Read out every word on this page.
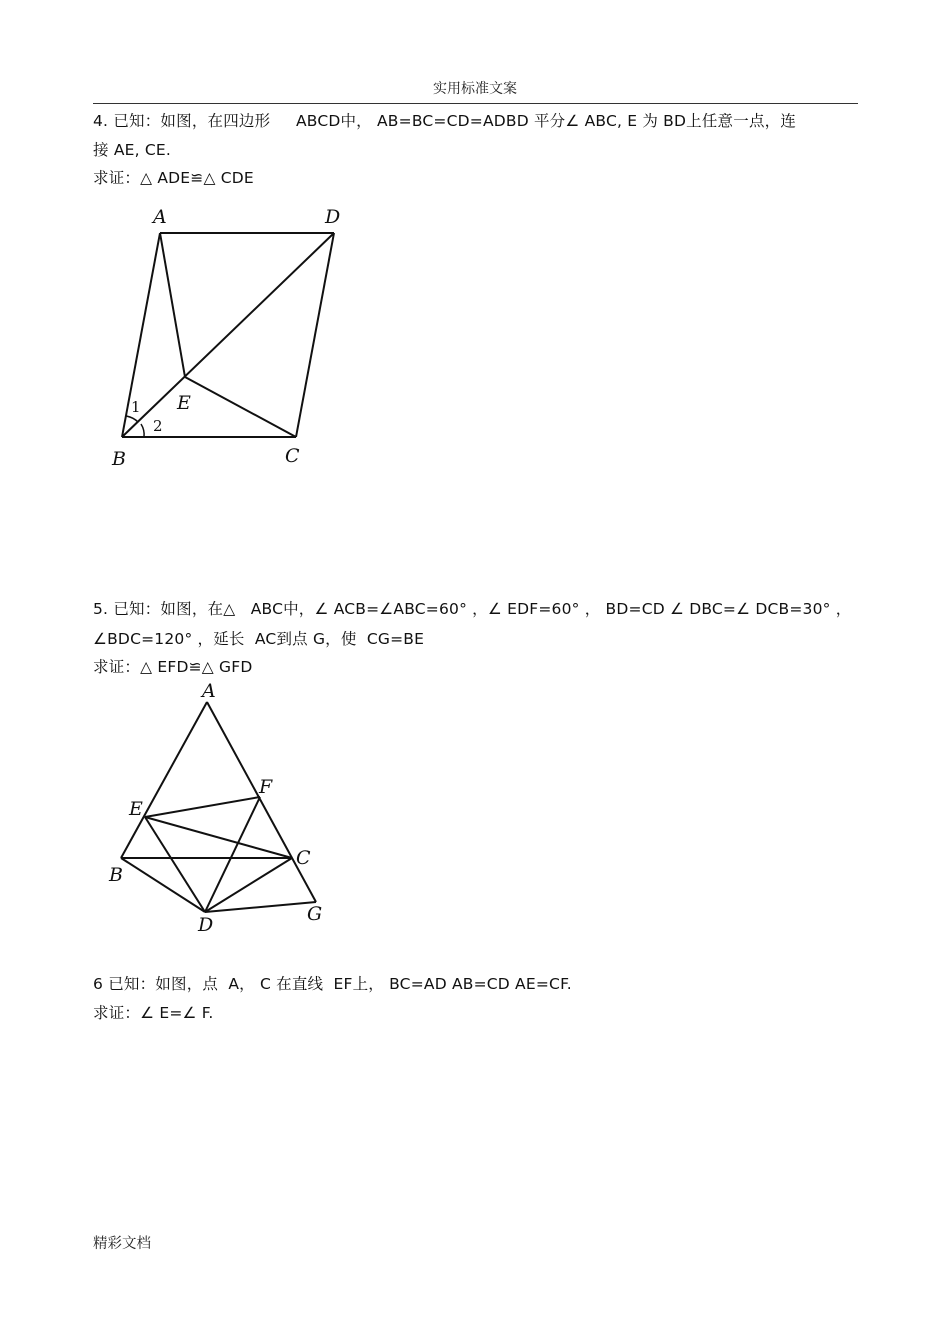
实用标准文案
4. 已知：如图，在四边形     ABCD中， AB=BC=CD=ADBD 平分∠ ABC, E 为 BD上任意一点，连
接 AE, CE.
求证：△ ADE≌△ CDE
A	D
E
B	C
1
2
5. 已知：如图，在△   ABC中，∠ ACB=∠ABC=60° ，∠ EDF=60° ， BD=CD ∠ DBC=∠ DCB=30° ，
∠BDC=120° ，延长  AC到点 G，使  CG=BE
求证：△ EFD≌△ GFD
A
E
F
C
B
D	G
6 已知：如图，点  A， C 在直线  EF上， BC=AD AB=CD AE=CF.
求证：∠ E=∠ F.
精彩文档
